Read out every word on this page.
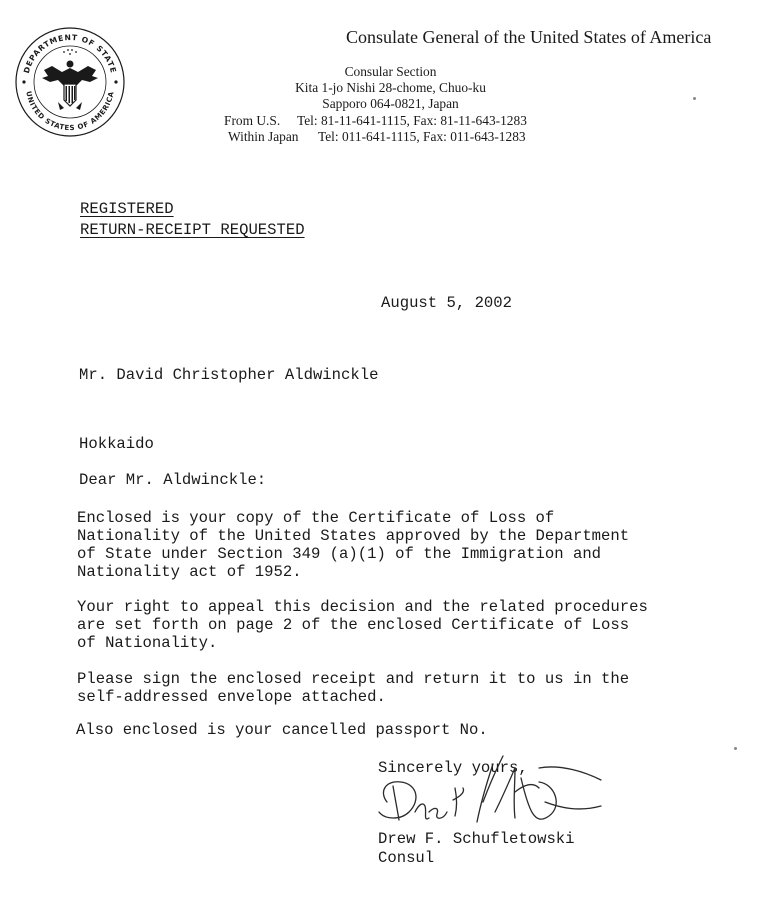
DEPARTMENT OF STATE
UNITED STATES OF AMERICA
Consulate General of the United States of America
Consular Section
Kita 1-jo Nishi 28-chome, Chuo-ku
Sapporo 064-0821, Japan
From U.S. Tel: 81-11-641-1115, Fax: 81-11-643-1283
Within Japan Tel: 011-641-1115, Fax: 011-643-1283
REGISTERED
RETURN-RECEIPT REQUESTED
August 5, 2002
Mr. David Christopher Aldwinckle
Hokkaido
Dear Mr. Aldwinckle:
Enclosed is your copy of the Certificate of Loss of
Nationality of the United States approved by the Department
of State under Section 349 (a)(1) of the Immigration and
Nationality act of 1952.
Your right to appeal this decision and the related procedures
are set forth on page 2 of the enclosed Certificate of Loss
of Nationality.
Please sign the enclosed receipt and return it to us in the
self-addressed envelope attached.
Also enclosed is your cancelled passport No.
Sincerely yours,
Drew F. Schufletowski
Consul
